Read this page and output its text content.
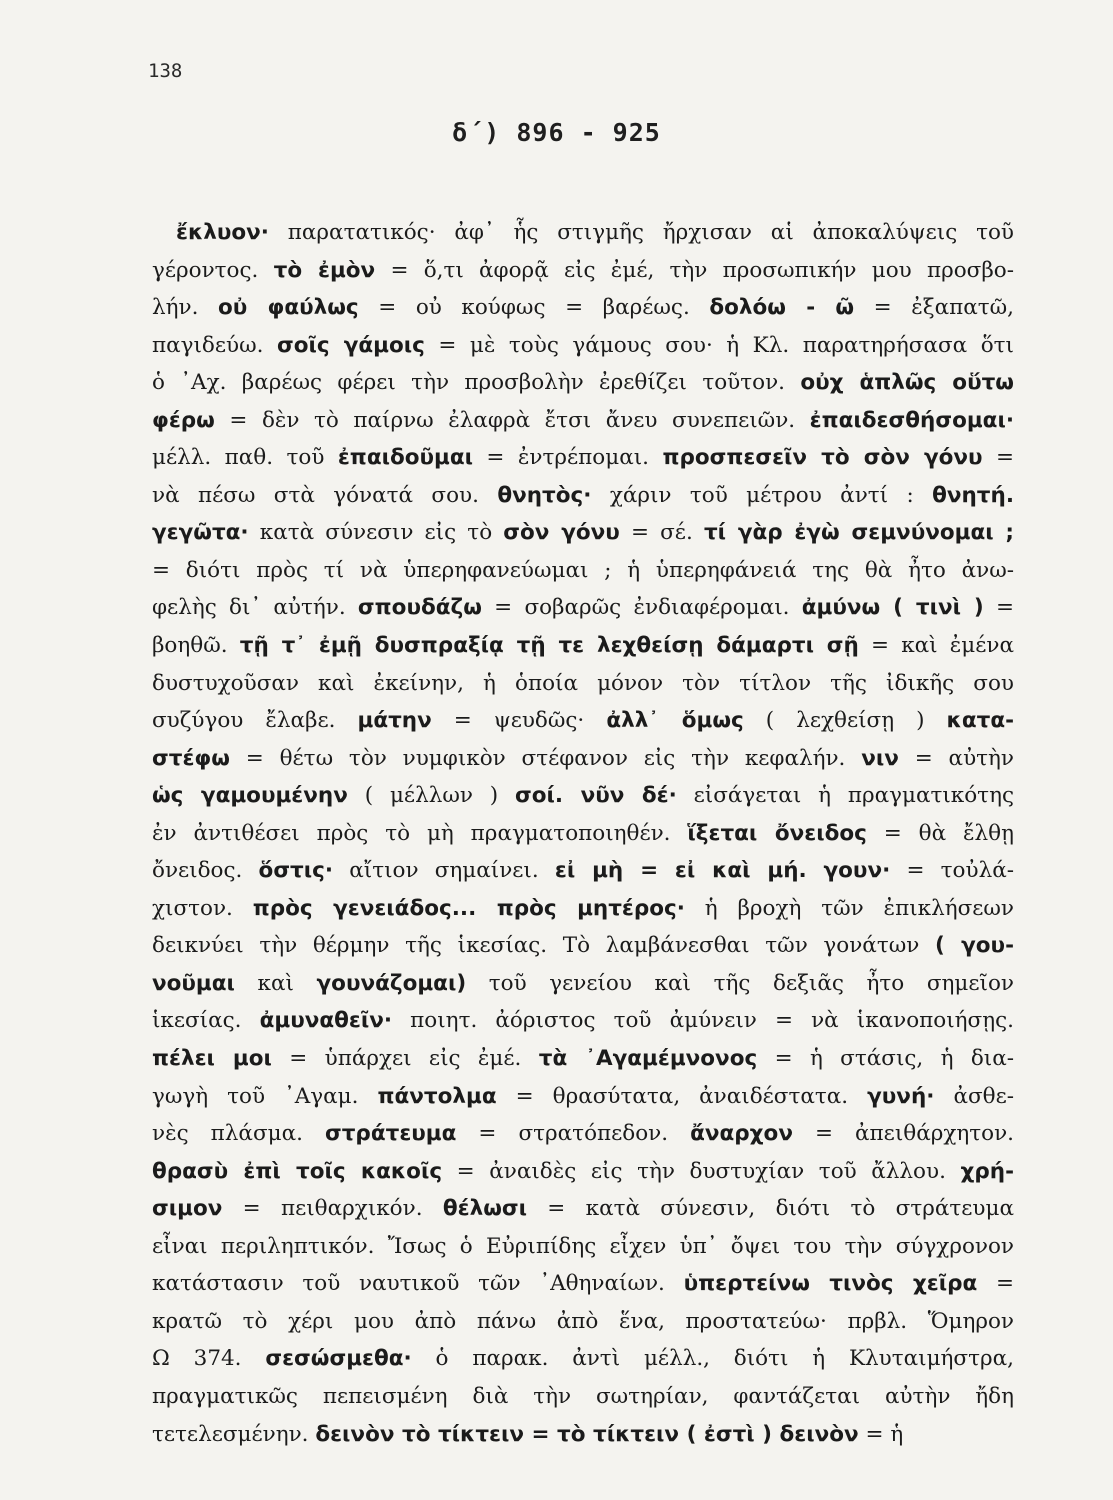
138
δ΄) 896 - 925
ἔκλυον· παρατατικός· ἀφ᾽ ἧς στιγμῆς ἤρχισαν αἱ ἀποκαλύψεις τοῦ
γέροντος. τὸ ἐμὸν = ὅ,τι ἀφορᾷ εἰς ἐμέ, τὴν προσωπικήν μου προσβο-
λήν. οὐ φαύλως = οὐ κούφως = βαρέως. δολόω - ῶ = ἐξαπατῶ,
παγιδεύω. σοῖς γάμοις = μὲ τοὺς γάμους σου· ἡ Κλ. παρατηρήσασα ὅτι
ὁ ᾽Αχ. βαρέως φέρει τὴν προσβολὴν ἐρεθίζει τοῦτον. οὐχ ἁπλῶς οὕτω
φέρω = δὲν τὸ παίρνω ἐλαφρὰ ἔτσι ἄνευ συνεπειῶν. ἐπαιδεσθήσομαι·
μέλλ. παθ. τοῦ ἐπαιδοῦμαι = ἐντρέπομαι. προσπεσεῖν τὸ σὸν γόνυ =
νὰ πέσω στὰ γόνατά σου. θνητὸς· χάριν τοῦ μέτρου ἀντί : θνητή.
γεγῶτα· κατὰ σύνεσιν εἰς τὸ σὸν γόνυ = σέ. τί γὰρ ἐγὼ σεμνύνομαι ;
= διότι πρὸς τί νὰ ὑπερηφανεύωμαι ; ἡ ὑπερηφάνειά της θὰ ἦτο ἀνω-
φελὴς δι᾽ αὐτήν. σπουδάζω = σοβαρῶς ἐνδιαφέρομαι. ἀμύνω ( τινὶ ) =
βοηθῶ. τῇ τ᾽ ἐμῇ δυσπραξίᾳ τῇ τε λεχθείσῃ δάμαρτι σῇ = καὶ ἐμένα
δυστυχοῦσαν καὶ ἐκείνην, ἡ ὁποία μόνον τὸν τίτλον τῆς ἰδικῆς σου
συζύγου ἔλαβε. μάτην = ψευδῶς· ἀλλ᾽ ὅμως ( λεχθείσῃ ) κατα-
στέφω = θέτω τὸν νυμφικὸν στέφανον εἰς τὴν κεφαλήν. νιν = αὐτὴν
ὡς γαμουμένην ( μέλλων ) σοί. νῦν δέ· εἰσάγεται ἡ πραγματικότης
ἐν ἀντιθέσει πρὸς τὸ μὴ πραγματοποιηθέν. ἵξεται ὄνειδος = θὰ ἔλθῃ
ὄνειδος. ὅστις· αἴτιον σημαίνει. εἰ μὴ = εἰ καὶ μή. γουν· = τοὐλά-
χιστον. πρὸς γενειάδος... πρὸς μητέρος· ἡ βροχὴ τῶν ἐπικλήσεων
δεικνύει τὴν θέρμην τῆς ἱκεσίας. Τὸ λαμβάνεσθαι τῶν γονάτων ( γου-
νοῦμαι καὶ γουνάζομαι) τοῦ γενείου καὶ τῆς δεξιᾶς ἦτο σημεῖον
ἱκεσίας. ἀμυναθεῖν· ποιητ. ἀόριστος τοῦ ἀμύνειν = νὰ ἱκανοποιήσῃς.
πέλει μοι = ὑπάρχει εἰς ἐμέ. τὰ ᾽Αγαμέμνονος = ἡ στάσις, ἡ δια-
γωγὴ τοῦ ᾽Αγαμ. πάντολμα = θρασύτατα, ἀναιδέστατα. γυνή· ἀσθε-
νὲς πλάσμα. στράτευμα = στρατόπεδον. ἄναρχον = ἀπειθάρχητον.
θρασὺ ἐπὶ τοῖς κακοῖς = ἀναιδὲς εἰς τὴν δυστυχίαν τοῦ ἄλλου. χρή-
σιμον = πειθαρχικόν. θέλωσι = κατὰ σύνεσιν, διότι τὸ στράτευμα
εἶναι περιληπτικόν. Ἴσως ὁ Εὐριπίδης εἶχεν ὑπ᾽ ὄψει του τὴν σύγχρονον
κατάστασιν τοῦ ναυτικοῦ τῶν ᾽Αθηναίων. ὑπερτείνω τινὸς χεῖρα =
κρατῶ τὸ χέρι μου ἀπὸ πάνω ἀπὸ ἕνα, προστατεύω· πρβλ. Ὅμηρον
Ω 374. σεσώσμεθα· ὁ παρακ. ἀντὶ μέλλ., διότι ἡ Κλυταιμήστρα,
πραγματικῶς πεπεισμένη διὰ τὴν σωτηρίαν, φαντάζεται αὐτὴν ἤδη
τετελεσμένην. δεινὸν τὸ τίκτειν = τὸ τίκτειν ( ἐστὶ ) δεινὸν = ἡ
